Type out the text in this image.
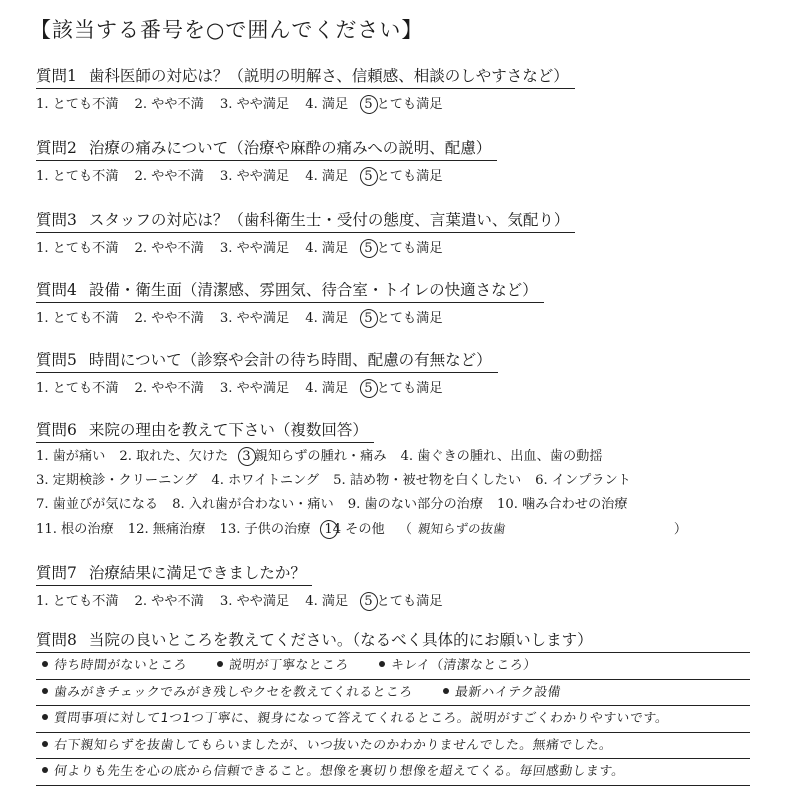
【該当する番号を○で囲んでください】
質問1 歯科医師の対応は？（説明の明解さ、信頼感、相談のしやすさなど）
1. とても不満 2. やや不満 3. やや満足 4. 満足 5 とても満足
質問2 治療の痛みについて（治療や麻酔の痛みへの説明、配慮）
1. とても不満 2. やや不満 3. やや満足 4. 満足 5 とても満足
質問3 スタッフの対応は？（歯科衛生士・受付の態度、言葉遣い、気配り）
1. とても不満 2. やや不満 3. やや満足 4. 満足 5 とても満足
質問4 設備・衛生面（清潔感、雰囲気、待合室・トイレの快適さなど）
1. とても不満 2. やや不満 3. やや満足 4. 満足 5 とても満足
質問5 時間について（診察や会計の待ち時間、配慮の有無など）
1. とても不満 2. やや不満 3. やや満足 4. 満足 5 とても満足
質問6 来院の理由を教えて下さい（複数回答）
1. 歯が痛い 2. 取れた、欠けた 3 親知らずの腫れ・痛み 4. 歯ぐきの腫れ、出血、歯の動揺
3. 定期検診・クリーニング 4. ホワイトニング 5. 詰め物・被せ物を白くしたい 6. インプラント
7. 歯並びが気になる 8. 入れ歯が合わない・痛い 9. 歯のない部分の治療 10. 噛み合わせの治療
11. 根の治療 12. 無痛治療 13. 子供の治療 14 その他 （ 親知らずの抜歯	）
質問7 治療結果に満足できましたか？
1. とても不満 2. やや不満 3. やや満足 4. 満足 5 とても満足
質問8 当院の良いところを教えてください。（なるべく具体的にお願いします）
待ち時間がないところ	説明が丁寧なところ	キレイ（清潔なところ）
歯みがきチェックでみがき残しやクセを教えてくれるところ	最新ハイテク設備
質問事項に対して1つ1つ丁寧に、親身になって答えてくれるところ。説明がすごくわかりやすいです。
右下親知らずを抜歯してもらいましたが、いつ抜いたのかわかりませんでした。無痛でした。
何よりも先生を心の底から信頼できること。想像を裏切り想像を超えてくる。毎回感動します。
